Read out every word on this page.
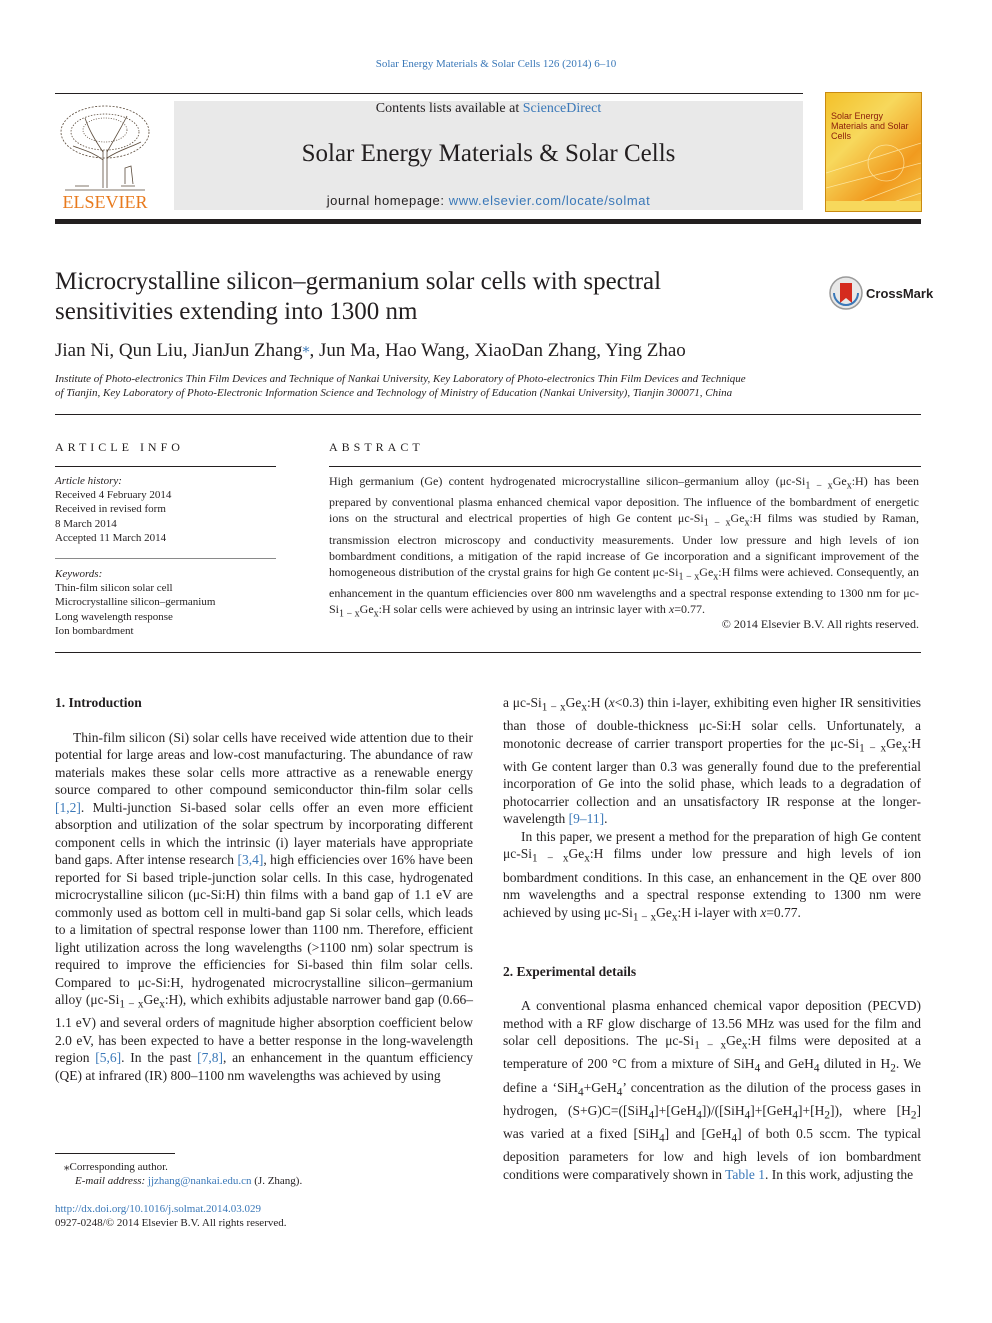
Solar Energy Materials & Solar Cells 126 (2014) 6–10
ELSEVIER
Contents lists available at ScienceDirect
Solar Energy Materials & Solar Cells
journal homepage: www.elsevier.com/locate/solmat
Solar Energy Materials and Solar Cells
Microcrystalline silicon–germanium solar cells with spectral
sensitivities extending into 1300 nm
CrossMark
Jian Ni, Qun Liu, JianJun Zhang⁎, Jun Ma, Hao Wang, XiaoDan Zhang, Ying Zhao
Institute of Photo-electronics Thin Film Devices and Technique of Nankai University, Key Laboratory of Photo-electronics Thin Film Devices and Technique
of Tianjin, Key Laboratory of Photo-Electronic Information Science and Technology of Ministry of Education (Nankai University), Tianjin 300071, China
ARTICLE INFO
Article history:
Received 4 February 2014
Received in revised form
8 March 2014
Accepted 11 March 2014
Keywords:
Thin-film silicon solar cell
Microcrystalline silicon–germanium
Long wavelength response
Ion bombardment
ABSTRACT
High germanium (Ge) content hydrogenated microcrystalline silicon–germanium alloy $(\mu c-Si_{1 - x}Ge_x:H)$ has been prepared by conventional plasma enhanced chemical vapor deposition. The influence of the bombardment of energetic ions on the structural and electrical properties of high Ge content $\mu c-Si_{1 - x}Ge_x:H$ films was studied by Raman, transmission electron microscopy and conductivity measurements. Under low pressure and high levels of ion bombardment conditions, a mitigation of the rapid increase of Ge incorporation and a significant improvement of the homogeneous distribution of the crystal grains for high Ge content $\mu c-Si_{1 - x}Ge_x:H$ films were achieved. Consequently, an enhancement in the quantum efficiencies over 800 nm wavelengths and a spectral response extending to 1300 nm for $\mu c-Si_{1 - x}Ge_x:H$ solar cells were achieved by using an intrinsic layer with x=0.77.
© 2014 Elsevier B.V. All rights reserved.
1. Introduction

Thin-film silicon (Si) solar cells have received wide attention due to their potential for large areas and low-cost manufacturing. The abundance of raw materials makes these solar cells more attractive as a renewable energy source compared to other compound semiconductor thin-film solar cells [1,2]. Multi-junction Si-based solar cells offer an even more efficient absorption and utilization of the solar spectrum by incorporating different component cells in which the intrinsic (i) layer materials have appropriate band gaps. After intense research [3,4], high efficiencies over 16% have been reported for Si based triple-junction solar cells. In this case, hydrogenated microcrystalline silicon (μc-Si:H) thin films with a band gap of 1.1 eV are commonly used as bottom cell in multi-band gap Si solar cells, which leads to a limitation of spectral response lower than 1100 nm. Therefore, efficient light utilization across the long wavelengths (>1100 nm) solar spectrum is required to improve the efficiencies for Si-based thin film solar cells. Compared to μc-Si:H, hydrogenated microcrystalline silicon–germanium alloy $(\mu c-Si_{1 - x}Ge_x:H)$, which exhibits adjustable narrower band gap (0.66–1.1 eV) and several orders of magnitude higher absorption coefficient below 2.0 eV, has been expected to have a better response in the long-wavelength region [5,6]. In the past [7,8], an enhancement in the quantum efficiency (QE) at infrared (IR) 800–1100 nm wavelengths was achieved by using

⁎Corresponding author.
E-mail address: jjzhang@nankai.edu.cn (J. Zhang).
http://dx.doi.org/10.1016/j.solmat.2014.03.029
0927-0248/© 2014 Elsevier B.V. All rights reserved.

a $\mu c-Si_{1 - x}Ge_x:H$ (x<0.3) thin i-layer, exhibiting even higher IR sensitivities than those of double-thickness μc-Si:H solar cells. Unfortunately, a monotonic decrease of carrier transport properties for the $\mu c-Si_{1 - x}Ge_x:H$ with Ge content larger than 0.3 was generally found due to the preferential incorporation of Ge into the solid phase, which leads to a degradation of photocarrier collection and an unsatisfactory IR response at the longer-wavelength [9–11].

In this paper, we present a method for the preparation of high Ge content $\mu c-Si_{1 - x}Ge_x:H$ films under low pressure and high levels of ion bombardment conditions. In this case, an enhancement in the QE over 800 nm wavelengths and a spectral response extending to 1300 nm were achieved by using $\mu c-Si_{1 - x}Ge_x:H$ i-layer with x=0.77.

2. Experimental details

A conventional plasma enhanced chemical vapor deposition (PECVD) method with a RF glow discharge of 13.56 MHz was used for the film and solar cell depositions. The $\mu c-Si_{1 - x}Ge_x:H$ films were deposited at a temperature of 200 °C from a mixture of SiH$_4$ and GeH$_4$ diluted in $H_2$. We define a ‘SiH$_4$+GeH$_4$’ concentration as the dilution of the process gases in hydrogen, $(S+G)C=([SiH_4]+[GeH_4])/([SiH_4]+[GeH_4]+[H_2])$, where $[H_2]$ was varied at a fixed [SiH$_4$] and [GeH$_4$] of both 0.5 sccm. The typical deposition parameters for low and high levels of ion bombardment conditions were comparatively shown in Table 1. In this work, adjusting the
